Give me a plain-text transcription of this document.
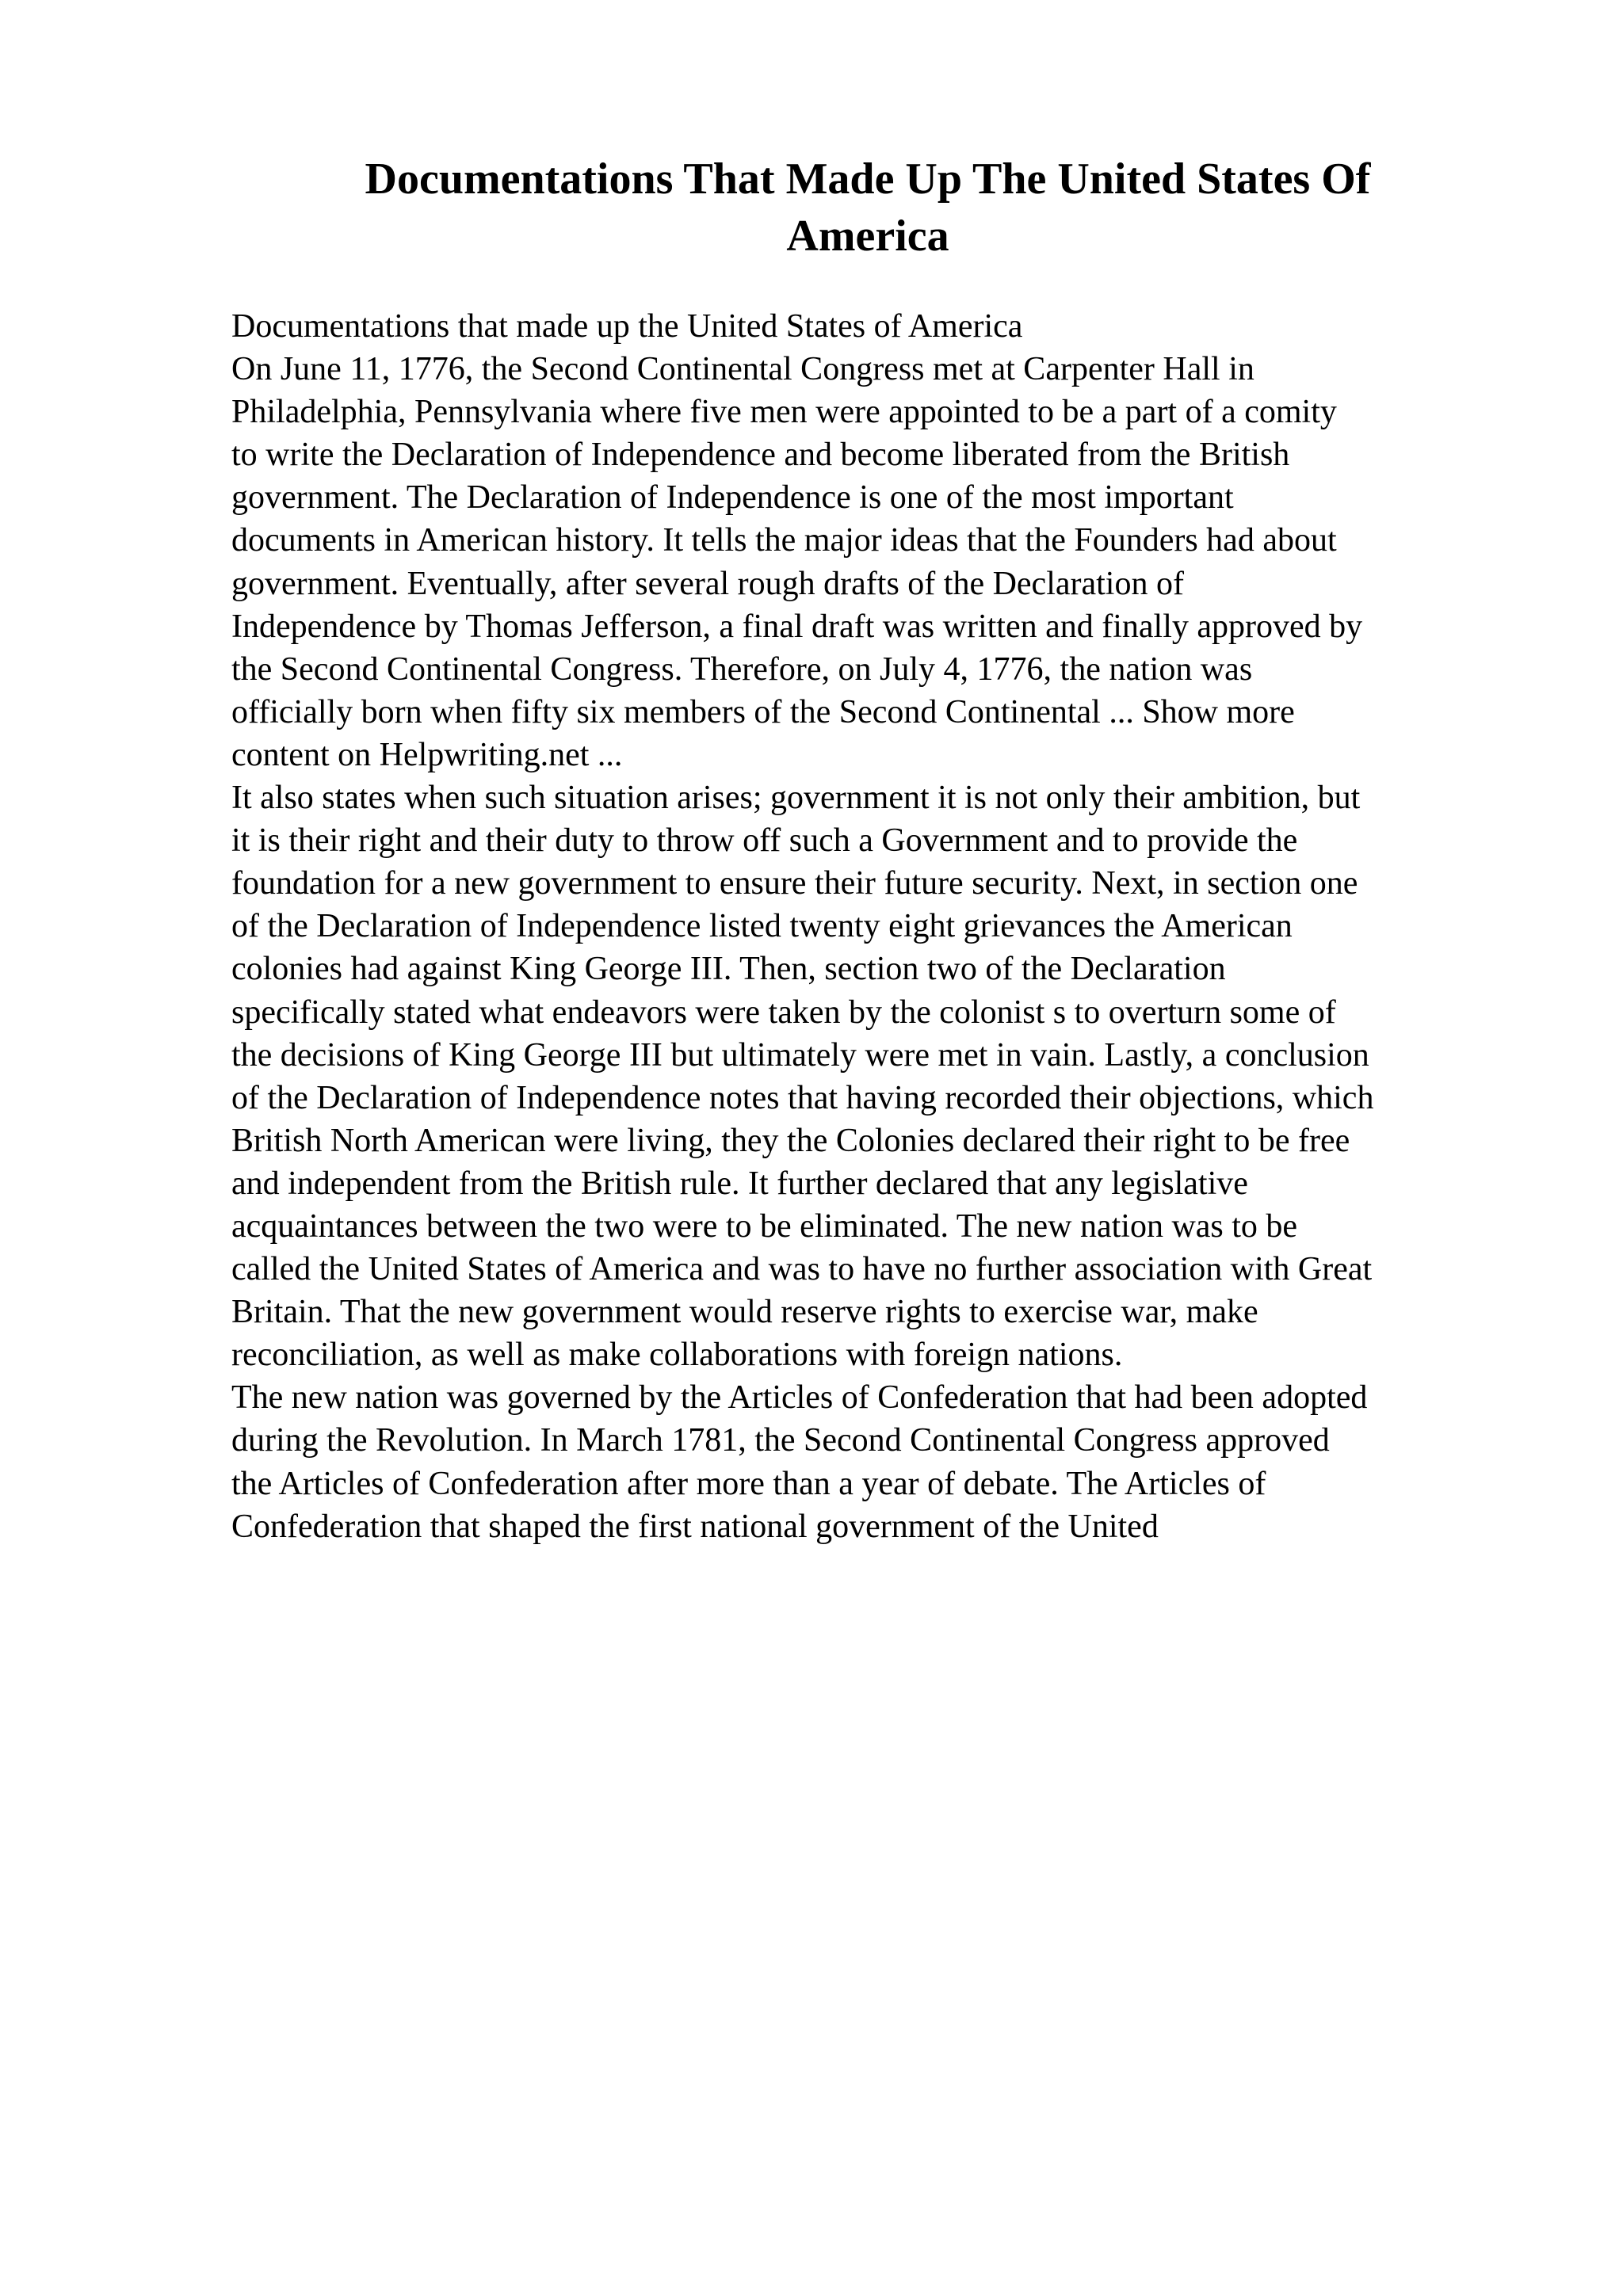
Documentations That Made Up The United States Of America
Documentations that made up the United States of America
On June 11, 1776, the Second Continental Congress met at Carpenter Hall in
Philadelphia, Pennsylvania where five men were appointed to be a part of a comity
to write the Declaration of Independence and become liberated from the British
government. The Declaration of Independence is one of the most important
documents in American history. It tells the major ideas that the Founders had about
government. Eventually, after several rough drafts of the Declaration of
Independence by Thomas Jefferson, a final draft was written and finally approved by
the Second Continental Congress. Therefore, on July 4, 1776, the nation was
officially born when fifty six members of the Second Continental ... Show more
content on Helpwriting.net ...
It also states when such situation arises; government it is not only their ambition, but
it is their right and their duty to throw off such a Government and to provide the
foundation for a new government to ensure their future security. Next, in section one
of the Declaration of Independence listed twenty eight grievances the American
colonies had against King George III. Then, section two of the Declaration
specifically stated what endeavors were taken by the colonist s to overturn some of
the decisions of King George III but ultimately were met in vain. Lastly, a conclusion
of the Declaration of Independence notes that having recorded their objections, which
British North American were living, they the Colonies declared their right to be free
and independent from the British rule. It further declared that any legislative
acquaintances between the two were to be eliminated. The new nation was to be
called the United States of America and was to have no further association with Great
Britain. That the new government would reserve rights to exercise war, make
reconciliation, as well as make collaborations with foreign nations.
The new nation was governed by the Articles of Confederation that had been adopted
during the Revolution. In March 1781, the Second Continental Congress approved
the Articles of Confederation after more than a year of debate. The Articles of
Confederation that shaped the first national government of the United
